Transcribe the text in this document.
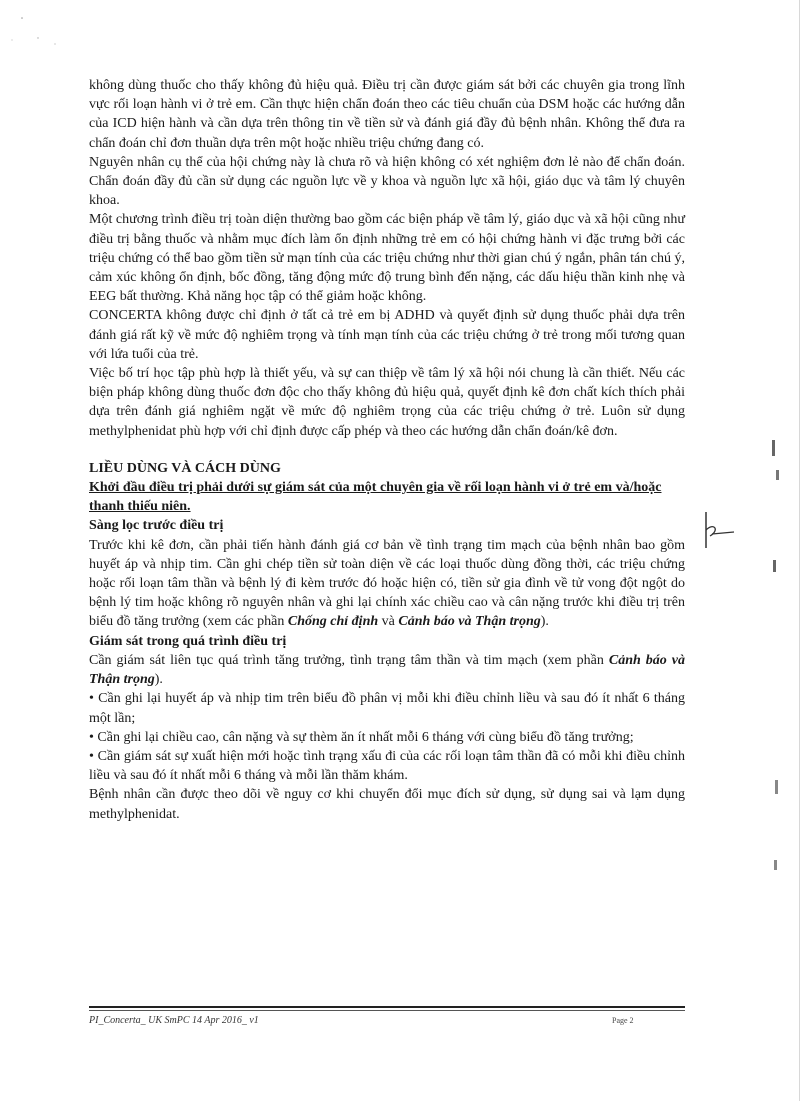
không dùng thuốc cho thấy không đủ hiệu quả. Điều trị cần được giám sát bởi các chuyên gia trong lĩnh vực rối loạn hành vi ở trẻ em. Cần thực hiện chẩn đoán theo các tiêu chuẩn của DSM hoặc các hướng dẫn của ICD hiện hành và cần dựa trên thông tin về tiền sử và đánh giá đầy đủ bệnh nhân. Không thể đưa ra chẩn đoán chỉ đơn thuần dựa trên một hoặc nhiều triệu chứng đang có.

Nguyên nhân cụ thể của hội chứng này là chưa rõ và hiện không có xét nghiệm đơn lẻ nào để chẩn đoán. Chẩn đoán đầy đủ cần sử dụng các nguồn lực về y khoa và nguồn lực xã hội, giáo dục và tâm lý chuyên khoa.

Một chương trình điều trị toàn diện thường bao gồm các biện pháp về tâm lý, giáo dục và xã hội cũng như điều trị bằng thuốc và nhằm mục đích làm ổn định những trẻ em có hội chứng hành vi đặc trưng bởi các triệu chứng có thể bao gồm tiền sử mạn tính của các triệu chứng như thời gian chú ý ngắn, phân tán chú ý, cảm xúc không ổn định, bốc đồng, tăng động mức độ trung bình đến nặng, các dấu hiệu thần kinh nhẹ và EEG bất thường. Khả năng học tập có thể giảm hoặc không.

CONCERTA không được chỉ định ở tất cả trẻ em bị ADHD và quyết định sử dụng thuốc phải dựa trên đánh giá rất kỹ về mức độ nghiêm trọng và tính mạn tính của các triệu chứng ở trẻ trong mối tương quan với lứa tuổi của trẻ.

Việc bố trí học tập phù hợp là thiết yếu, và sự can thiệp về tâm lý xã hội nói chung là cần thiết. Nếu các biện pháp không dùng thuốc đơn độc cho thấy không đủ hiệu quả, quyết định kê đơn chất kích thích phải dựa trên đánh giá nghiêm ngặt về mức độ nghiêm trọng của các triệu chứng ở trẻ. Luôn sử dụng methylphenidat phù hợp với chỉ định được cấp phép và theo các hướng dẫn chẩn đoán/kê đơn.

LIỀU DÙNG VÀ CÁCH DÙNG

Khởi đầu điều trị phải dưới sự giám sát của một chuyên gia về rối loạn hành vi ở trẻ em và/hoặc thanh thiếu niên.

Sàng lọc trước điều trị

Trước khi kê đơn, cần phải tiến hành đánh giá cơ bản về tình trạng tim mạch của bệnh nhân bao gồm huyết áp và nhịp tim. Cần ghi chép tiền sử toàn diện về các loại thuốc dùng đồng thời, các triệu chứng hoặc rối loạn tâm thần và bệnh lý đi kèm trước đó hoặc hiện có, tiền sử gia đình về tử vong đột ngột do bệnh lý tim hoặc không rõ nguyên nhân và ghi lại chính xác chiều cao và cân nặng trước khi điều trị trên biểu đồ tăng trưởng (xem các phần Chống chỉ định và Cảnh báo và Thận trọng).

Giám sát trong quá trình điều trị

Cần giám sát liên tục quá trình tăng trưởng, tình trạng tâm thần và tim mạch (xem phần Cảnh báo và Thận trọng).

• Cần ghi lại huyết áp và nhịp tim trên biểu đồ phân vị mỗi khi điều chỉnh liều và sau đó ít nhất 6 tháng một lần;

• Cần ghi lại chiều cao, cân nặng và sự thèm ăn ít nhất mỗi 6 tháng với cùng biểu đồ tăng trưởng;

• Cần giám sát sự xuất hiện mới hoặc tình trạng xấu đi của các rối loạn tâm thần đã có mỗi khi điều chỉnh liều và sau đó ít nhất mỗi 6 tháng và mỗi lần thăm khám.

Bệnh nhân cần được theo dõi về nguy cơ khi chuyển đổi mục đích sử dụng, sử dụng sai và lạm dụng methylphenidat.

PI_Concerta_ UK SmPC 14 Apr 2016_ v1	Page 2
